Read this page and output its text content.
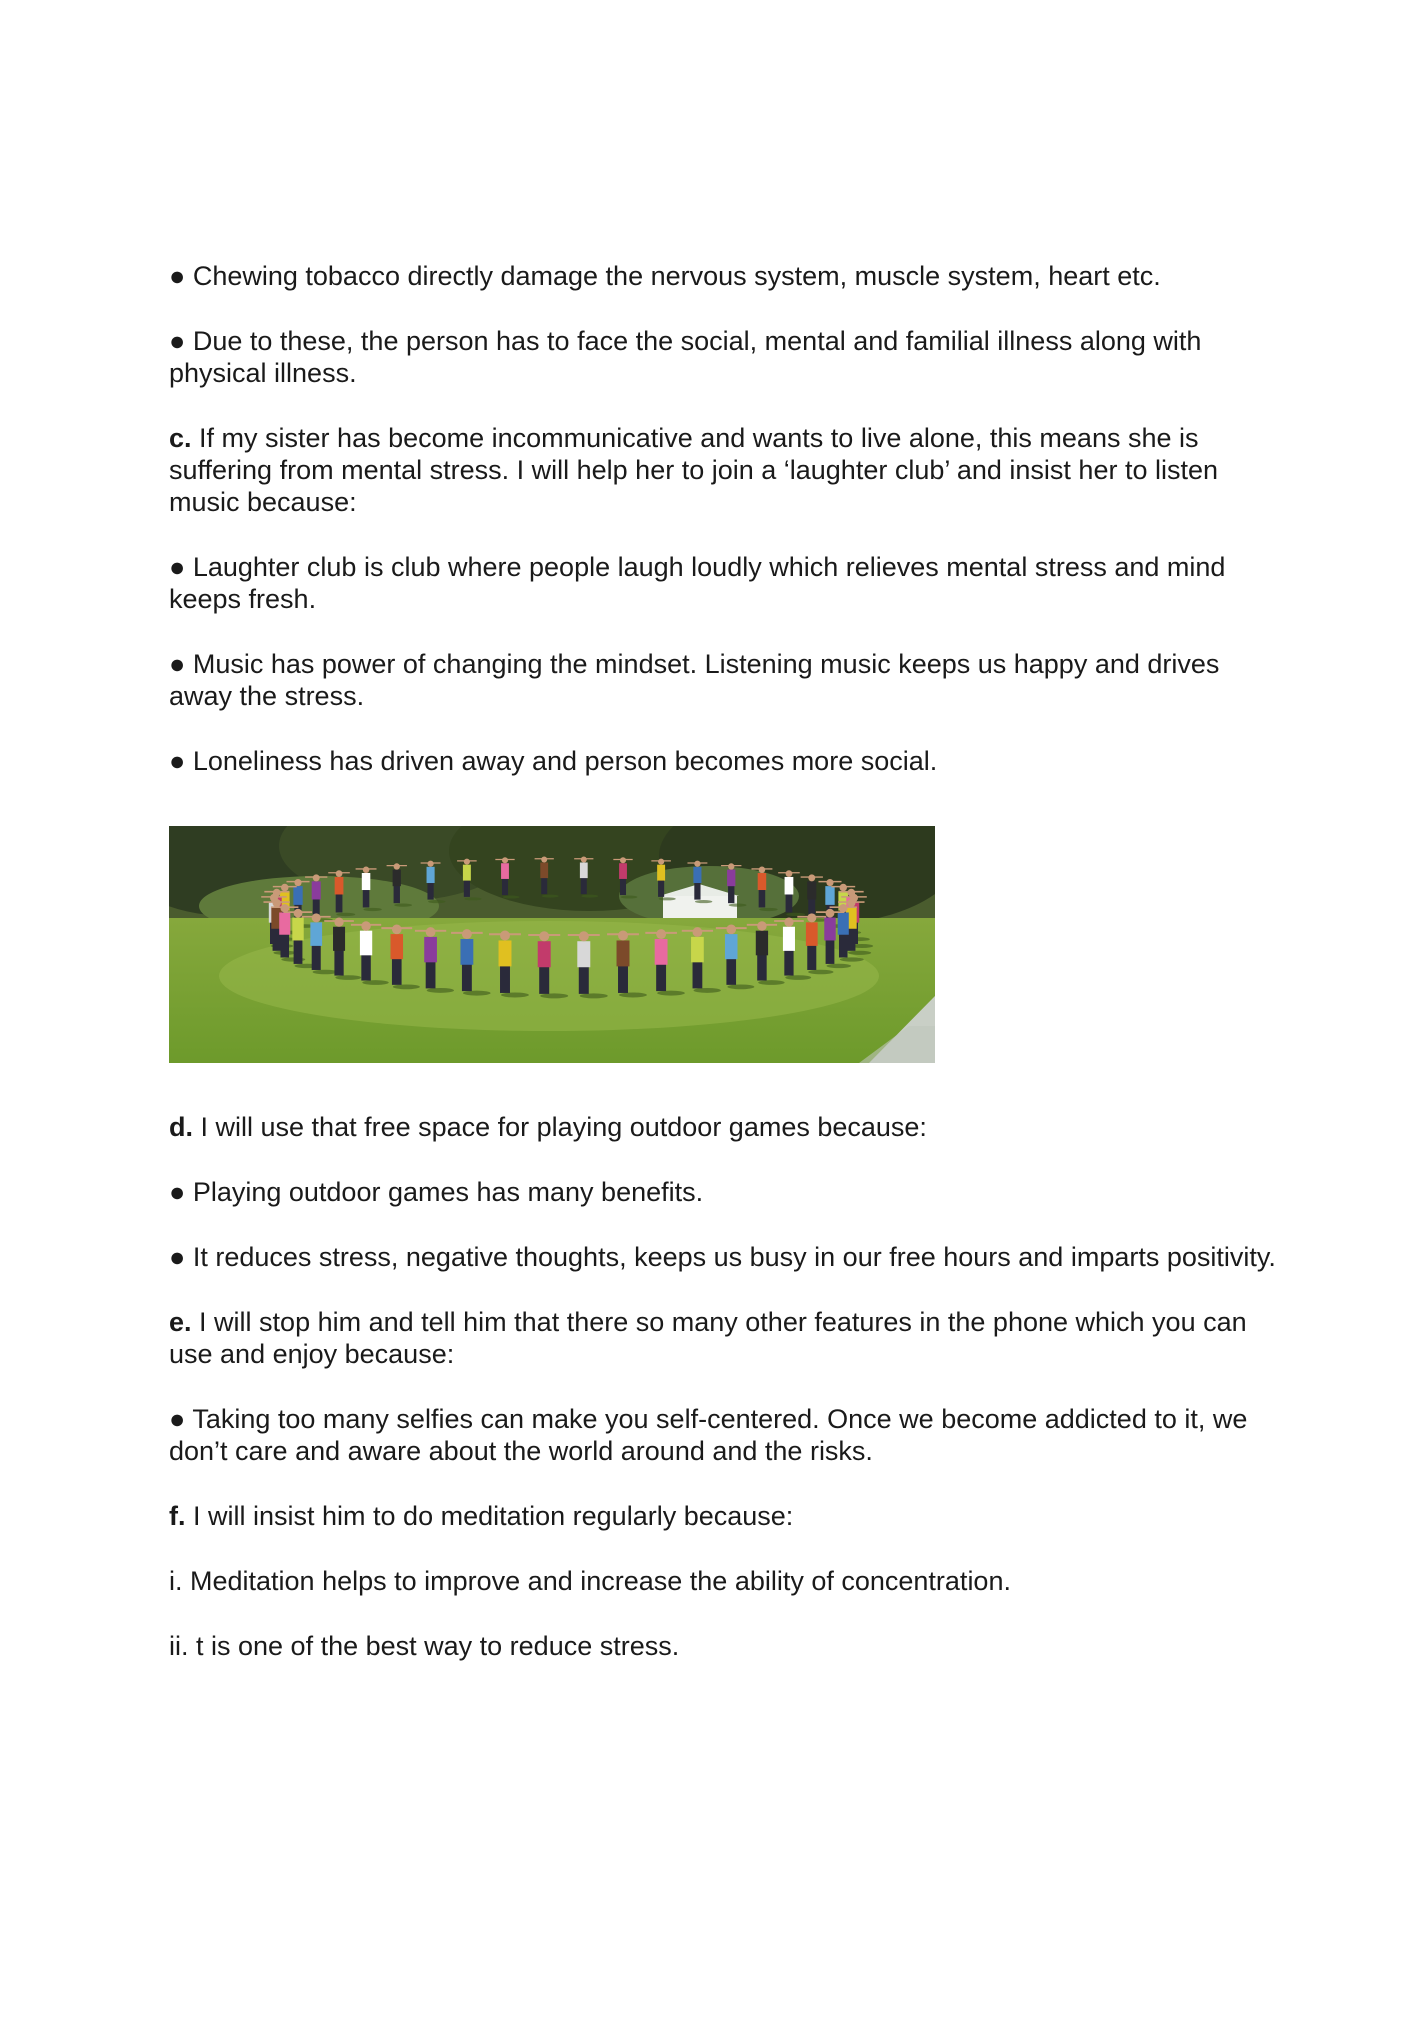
● Chewing tobacco directly damage the nervous system, muscle system, heart etc.

● Due to these, the person has to face the social, mental and familial illness along with physical illness.

c. If my sister has become incommunicative and wants to live alone, this means she is suffering from mental stress. I will help her to join a ‘laughter club’ and insist her to listen music because:

● Laughter club is club where people laugh loudly which relieves mental stress and mind keeps fresh.

● Music has power of changing the mindset. Listening music keeps us happy and drives away the stress.

● Loneliness has driven away and person becomes more social.

d. I will use that free space for playing outdoor games because:

● Playing outdoor games has many benefits.

● It reduces stress, negative thoughts, keeps us busy in our free hours and imparts positivity.

e. I will stop him and tell him that there so many other features in the phone which you can use and enjoy because:

● Taking too many selfies can make you self-centered. Once we become addicted to it, we don’t care and aware about the world around and the risks.

f. I will insist him to do meditation regularly because:

i. Meditation helps to improve and increase the ability of concentration.

ii. t is one of the best way to reduce stress.
